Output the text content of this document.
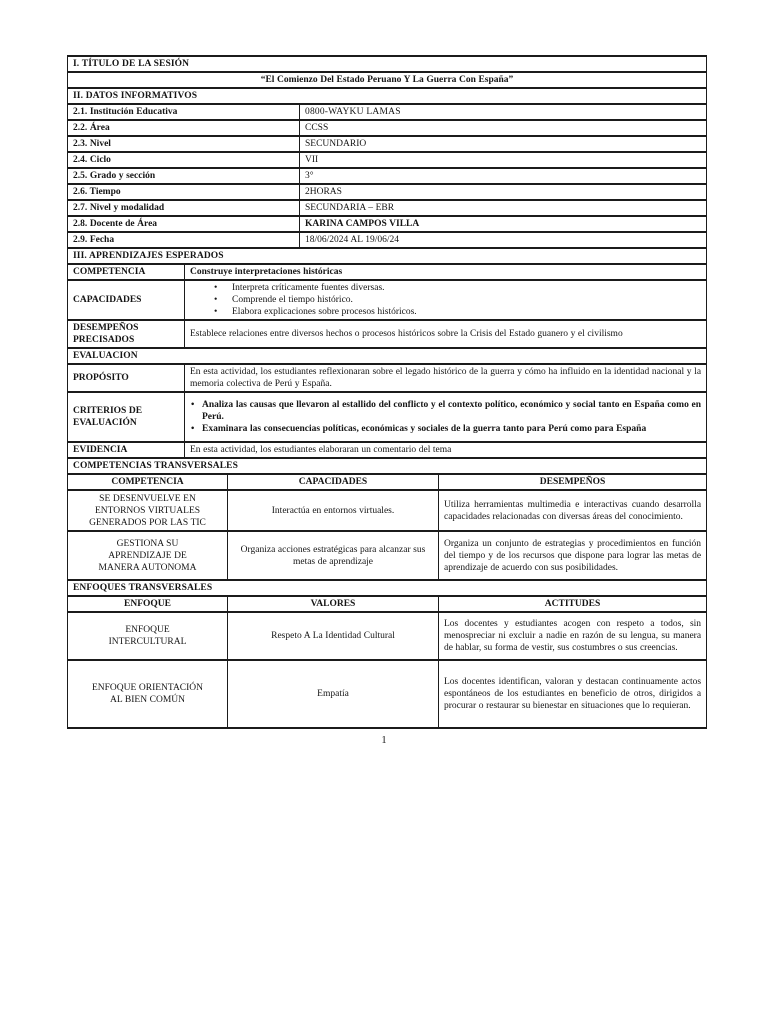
I. TÍTULO DE LA SESIÓN				
“El Comienzo Del Estado Peruano Y La Guerra Con España”				
II. DATOS INFORMATIVOS				
2.1. Institución Educativa			0800-WAYKU LAMAS	
2.2. Área			CCSS	
2.3. Nivel			SECUNDARIO	
2.4. Ciclo			VII	
2.5. Grado y sección			3°	
2.6. Tiempo			2HORAS	
2.7. Nivel y modalidad			SECUNDARIA – EBR	
2.8. Docente de Área			KARINA CAMPOS VILLA	
2.9. Fecha			18/06/2024 AL 19/06/24	
III. APRENDIZAJES ESPERADOS				
COMPETENCIA	Construye interpretaciones históricas			
CAPACIDADES	
•	Interpreta críticamente fuentes diversas.
•	Comprende el tiempo histórico.
•	Elabora explicaciones sobre procesos históricos.

DESEMPEÑOS PRECISADOS	Establece relaciones entre diversos hechos o procesos históricos sobre la Crisis del Estado guanero y el civilismo			
EVALUACION				
PROPÓSITO	En esta actividad, los estudiantes reflexionaran sobre el legado histórico de la guerra y cómo ha influido en la identidad nacional y la memoria colectiva de Perú y España.			
CRITERIOS DE EVALUACIÓN	
• Analiza las causas que llevaron al estallido del conflicto y el contexto político, económico y social tanto en España como en Perú.
• Examinara las consecuencias políticas, económicas y sociales de la guerra tanto para Perú como para España

EVIDENCIA	En esta actividad, los estudiantes elaboraran un comentario del tema			
COMPETENCIAS TRANSVERSALES				
COMPETENCIA		CAPACIDADES		DESEMPEÑOS
SE DESENVUELVE EN ENTORNOS VIRTUALES GENERADOS POR LAS TIC		Interactúa en entornos virtuales.		Utiliza herramientas multimedia e interactivas cuando desarrolla capacidades relacionadas con diversas áreas del conocimiento.
GESTIONA SU APRENDIZAJE DE MANERA AUTONOMA		Organiza acciones estratégicas para alcanzar sus metas de aprendizaje		Organiza un conjunto de estrategias y procedimientos en función del tiempo y de los recursos que dispone para lograr las metas de aprendizaje de acuerdo con sus posibilidades.
ENFOQUES TRANSVERSALES				
ENFOQUE		VALORES		ACTITUDES
ENFOQUE INTERCULTURAL		Respeto A La Identidad Cultural		Los docentes y estudiantes acogen con respeto a todos, sin menospreciar ni excluir a nadie en razón de su lengua, su manera de hablar, su forma de vestir, sus costumbres o sus creencias.
ENFOQUE ORIENTACIÓN AL BIEN COMÚN		Empatía		Los docentes identifican, valoran y destacan continuamente actos espontáneos de los estudiantes en beneficio de otros, dirigidos a procurar o restaurar su bienestar en situaciones que lo requieran.
1
